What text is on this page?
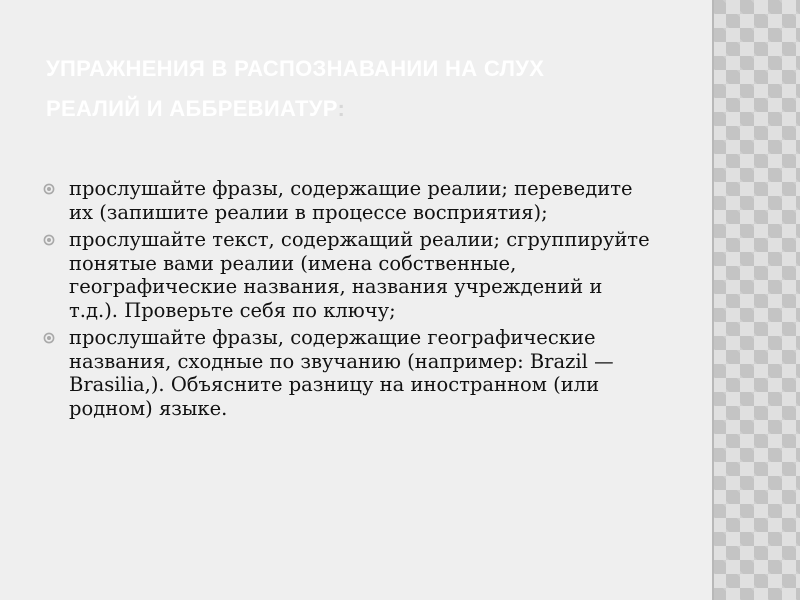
УПРАЖНЕНИЯ В РАСПОЗНАВАНИИ НА СЛУХ
РЕАЛИЙ И АББРЕВИАТУР:
прослушайте фразы, содержащие реалии; переведите их (запишите реалии в процессе восприятия);
прослушайте текст, содержащий реалии; сгруппируйте понятые вами реалии (имена собственные, географические названия, названия учреждений и т.д.). Проверьте себя по ключу;
прослушайте фразы, содержащие географические названия, сходные по звучанию (например: Brazil — Brasilia,). Объясните разницу на иностранном (или родном) языке.
